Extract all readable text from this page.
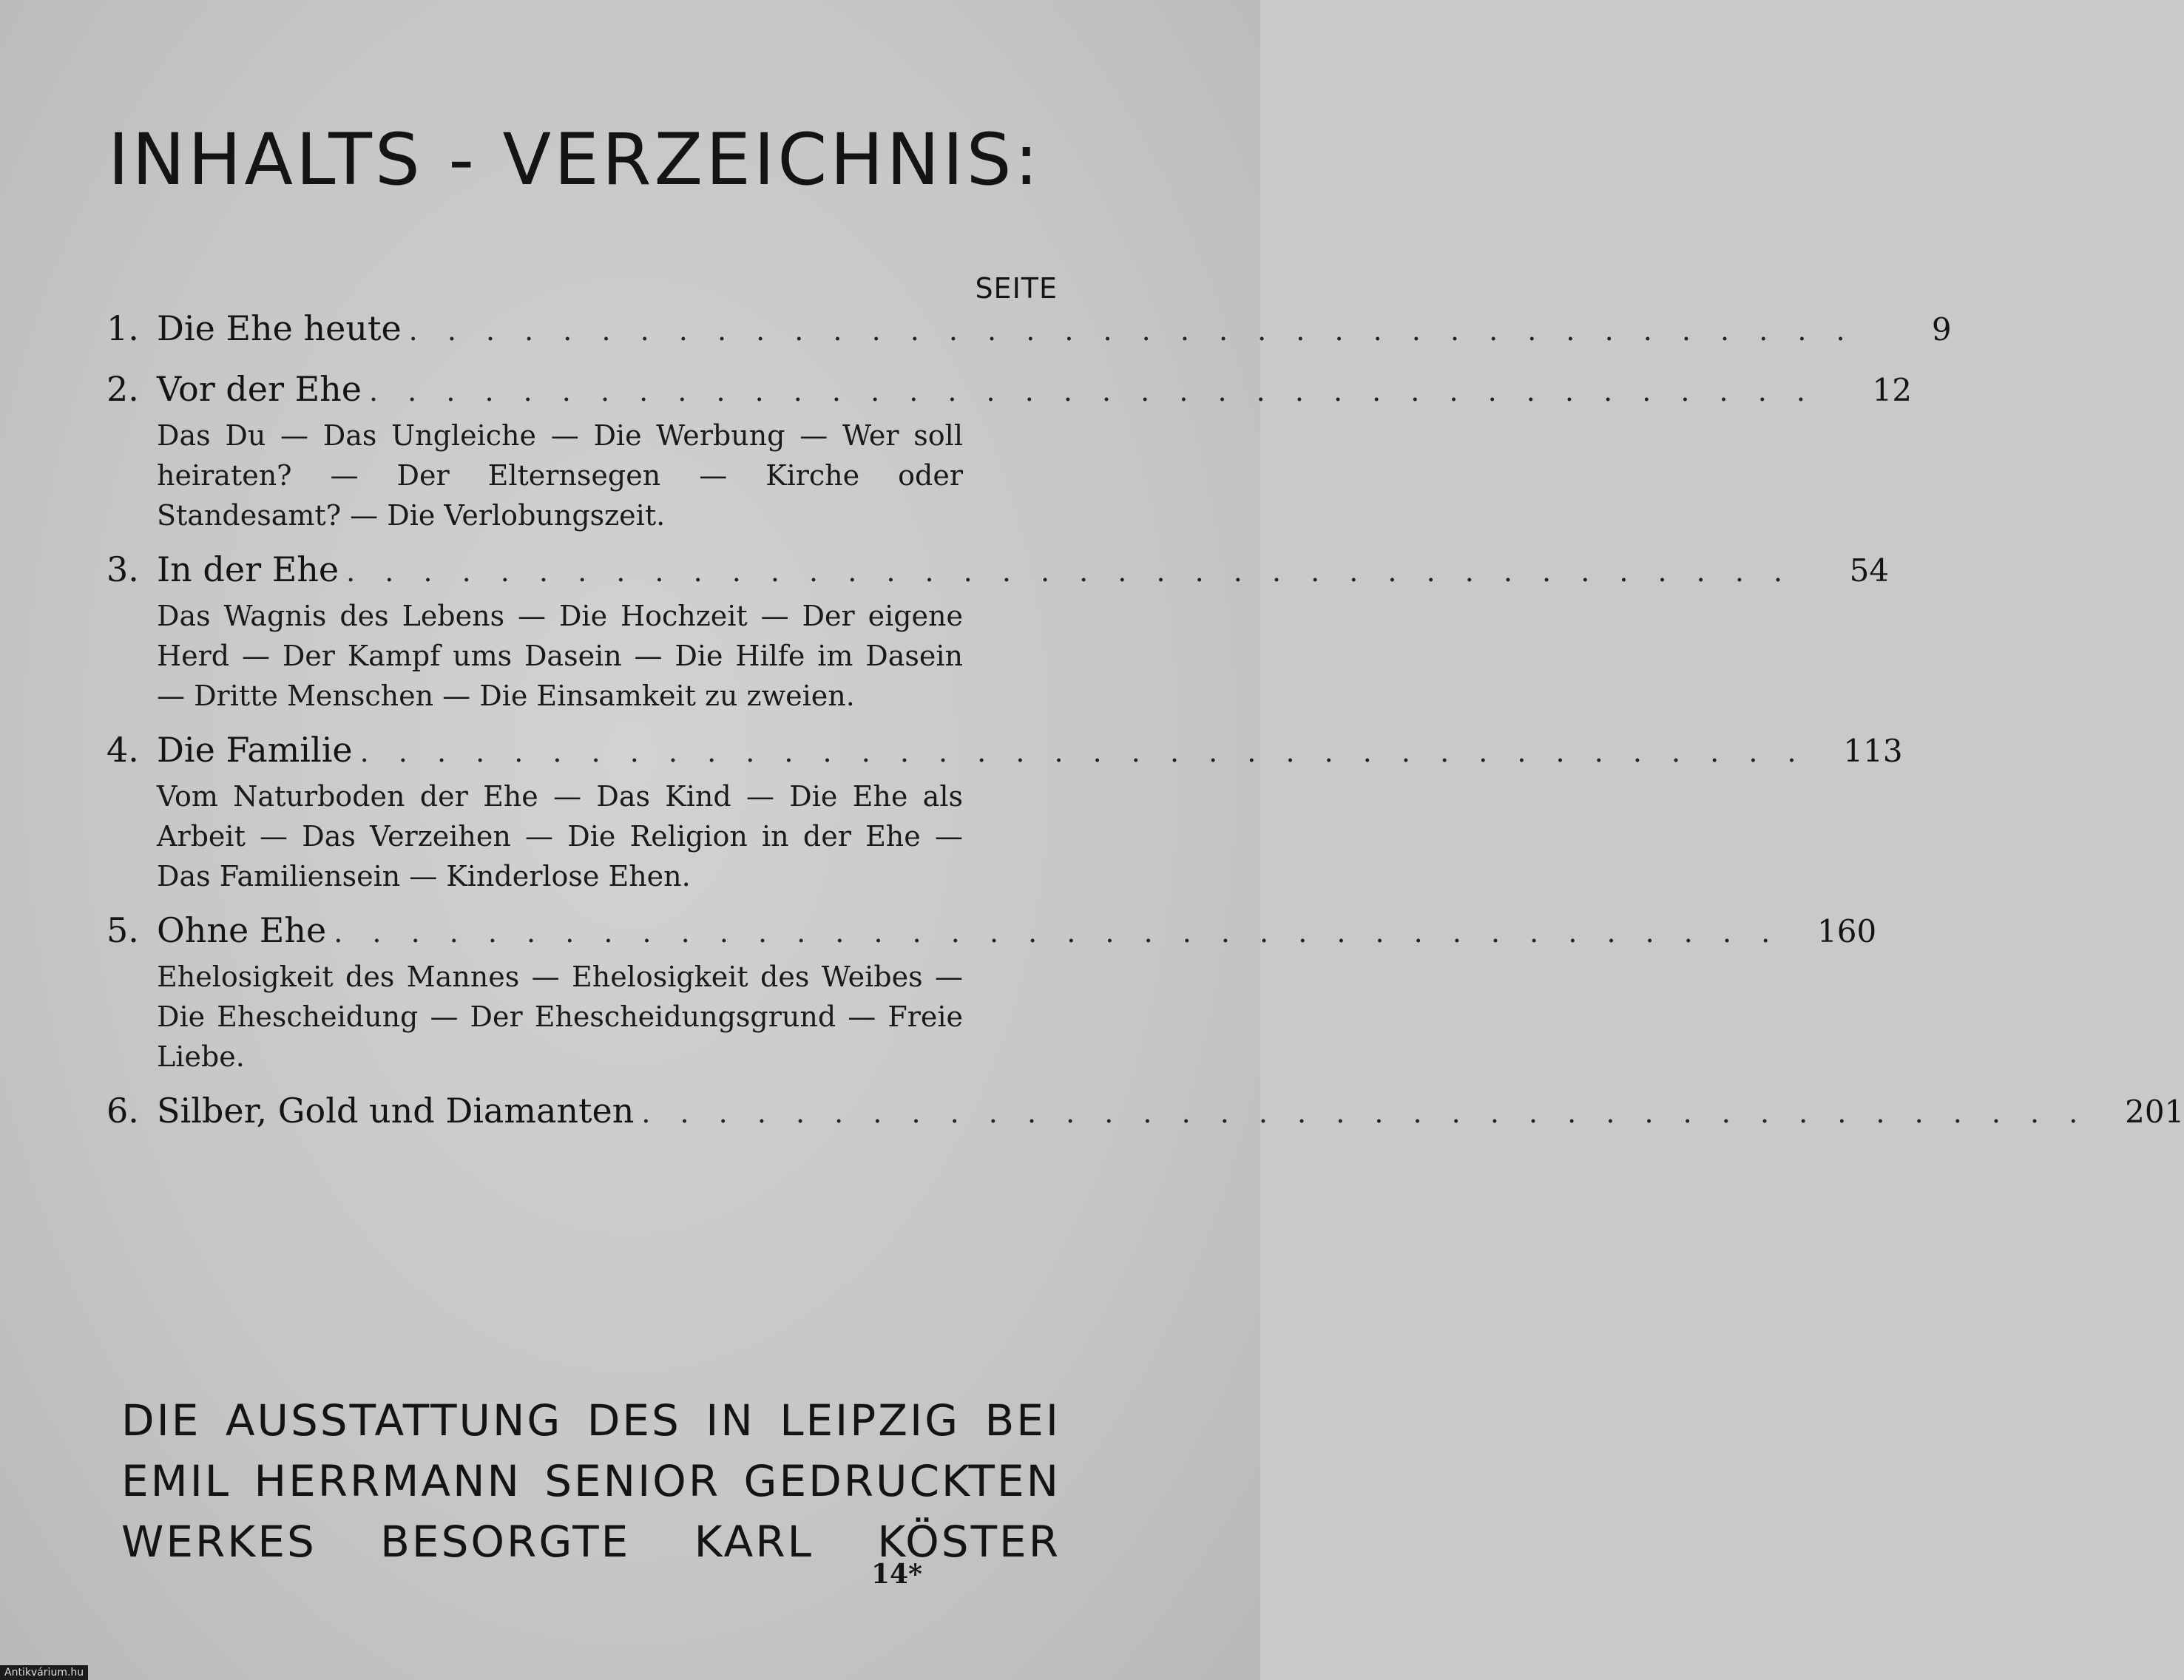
INHALTS - VERZEICHNIS:
SEITE
1. Die Ehe heute . . . . . . . . . . . . . . . . . . . . . . . . . . . . . . . . . . . . . .	9
2. Vor der Ehe . . . . . . . . . . . . . . . . . . . . . . . . . . . . . . . . . . . . . .	12
Das Du — Das Ungleiche — Die Werbung — Wer soll heiraten? — Der Elternsegen — Kirche oder Standesamt? — Die Verlobungszeit.
3. In der Ehe . . . . . . . . . . . . . . . . . . . . . . . . . . . . . . . . . . . . . .	54
Das Wagnis des Lebens — Die Hochzeit — Der eigene Herd — Der Kampf ums Dasein — Die Hilfe im Dasein — Dritte Menschen — Die Einsamkeit zu zweien.
4. Die Familie . . . . . . . . . . . . . . . . . . . . . . . . . . . . . . . . . . . . . .	113
Vom Naturboden der Ehe — Das Kind — Die Ehe als Arbeit — Das Verzeihen — Die Religion in der Ehe — Das Familiensein — Kinderlose Ehen.
5. Ohne Ehe . . . . . . . . . . . . . . . . . . . . . . . . . . . . . . . . . . . . . .	160
Ehelosigkeit des Mannes — Ehelosigkeit des Weibes — Die Ehescheidung — Der Ehescheidungsgrund — Freie Liebe.
6. Silber, Gold und Diamanten . . . . . . . . . . . . . . . . . . . . . . . . . . . . . . . . . . . . . .	201
DIE AUSSTATTUNG DES IN LEIPZIG BEI
EMIL HERRMANN SENIOR GEDRUCKTEN
WERKES BESORGTE KARL KÖSTER
14*
Antikvárium.hu
